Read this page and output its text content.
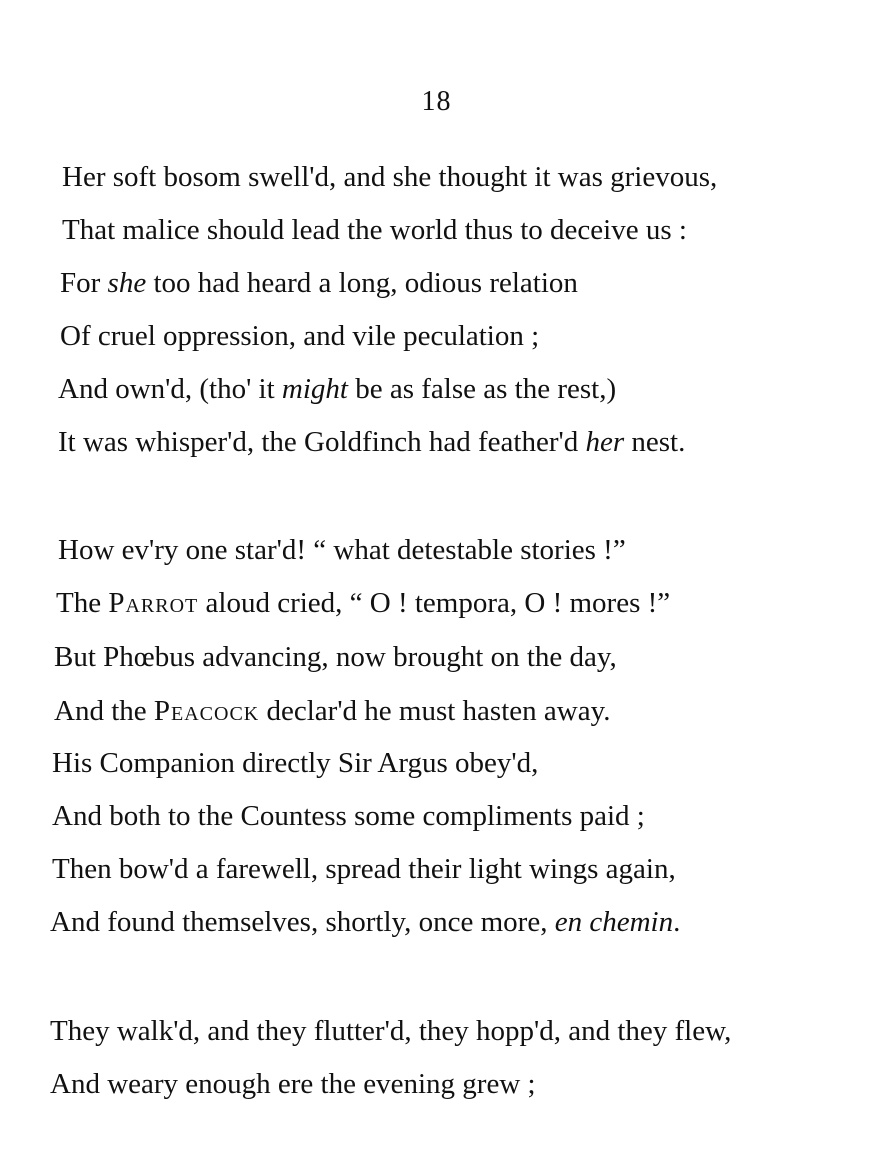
18
Her soft bosom swell'd, and she thought it was grievous,
That malice should lead the world thus to deceive us :
For she too had heard a long, odious relation
Of cruel oppression, and vile peculation ;
And own'd, (tho' it might be as false as the rest,)
It was whisper'd, the Goldfinch had feather'd her nest.
How ev'ry one star'd! “ what detestable stories !”
The Parrot aloud cried, “ O ! tempora, O ! mores !”
But Phœbus advancing, now brought on the day,
And the Peacock declar'd he must hasten away.
His Companion directly Sir Argus obey'd,
And both to the Countess some compliments paid ;
Then bow'd a farewell, spread their light wings again,
And found themselves, shortly, once more, en chemin.
They walk'd, and they flutter'd, they hopp'd, and they flew,
And weary enough ere the evening grew ;
